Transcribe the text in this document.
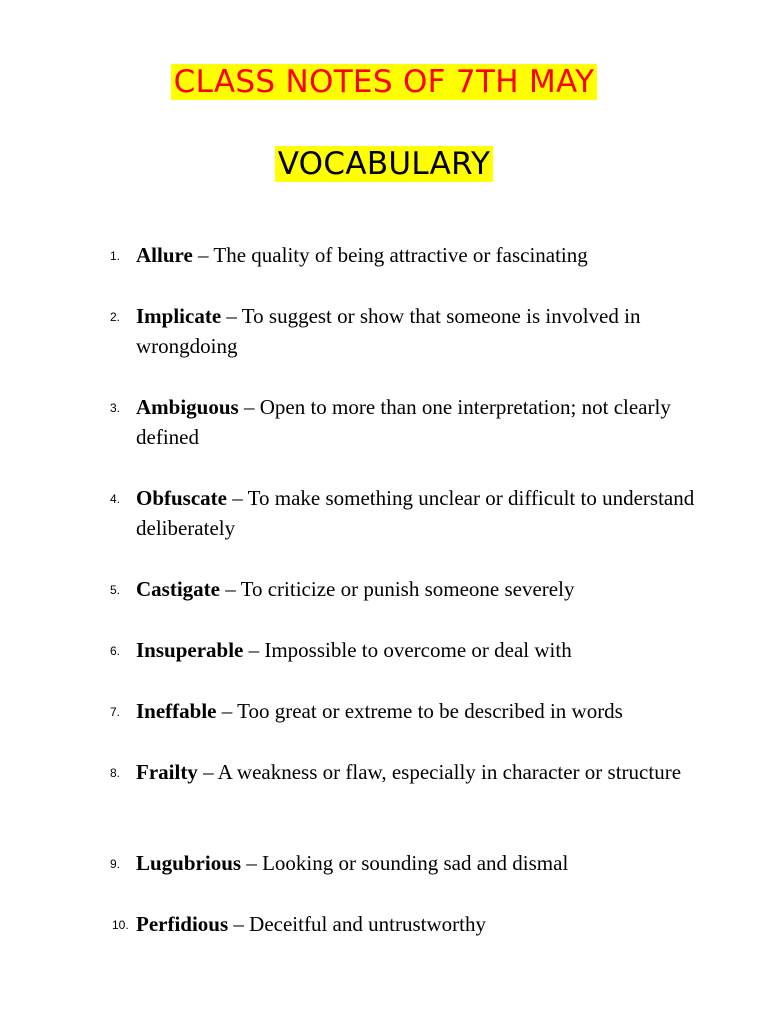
CLASS NOTES OF 7TH MAY
VOCABULARY
1. Allure – The quality of being attractive or fascinating
2. Implicate – To suggest or show that someone is involved in wrongdoing
3. Ambiguous – Open to more than one interpretation; not clearly defined
4. Obfuscate – To make something unclear or difficult to understand deliberately
5. Castigate – To criticize or punish someone severely
6. Insuperable – Impossible to overcome or deal with
7. Ineffable – Too great or extreme to be described in words
8. Frailty – A weakness or flaw, especially in character or structure
9. Lugubrious – Looking or sounding sad and dismal
10. Perfidious – Deceitful and untrustworthy
